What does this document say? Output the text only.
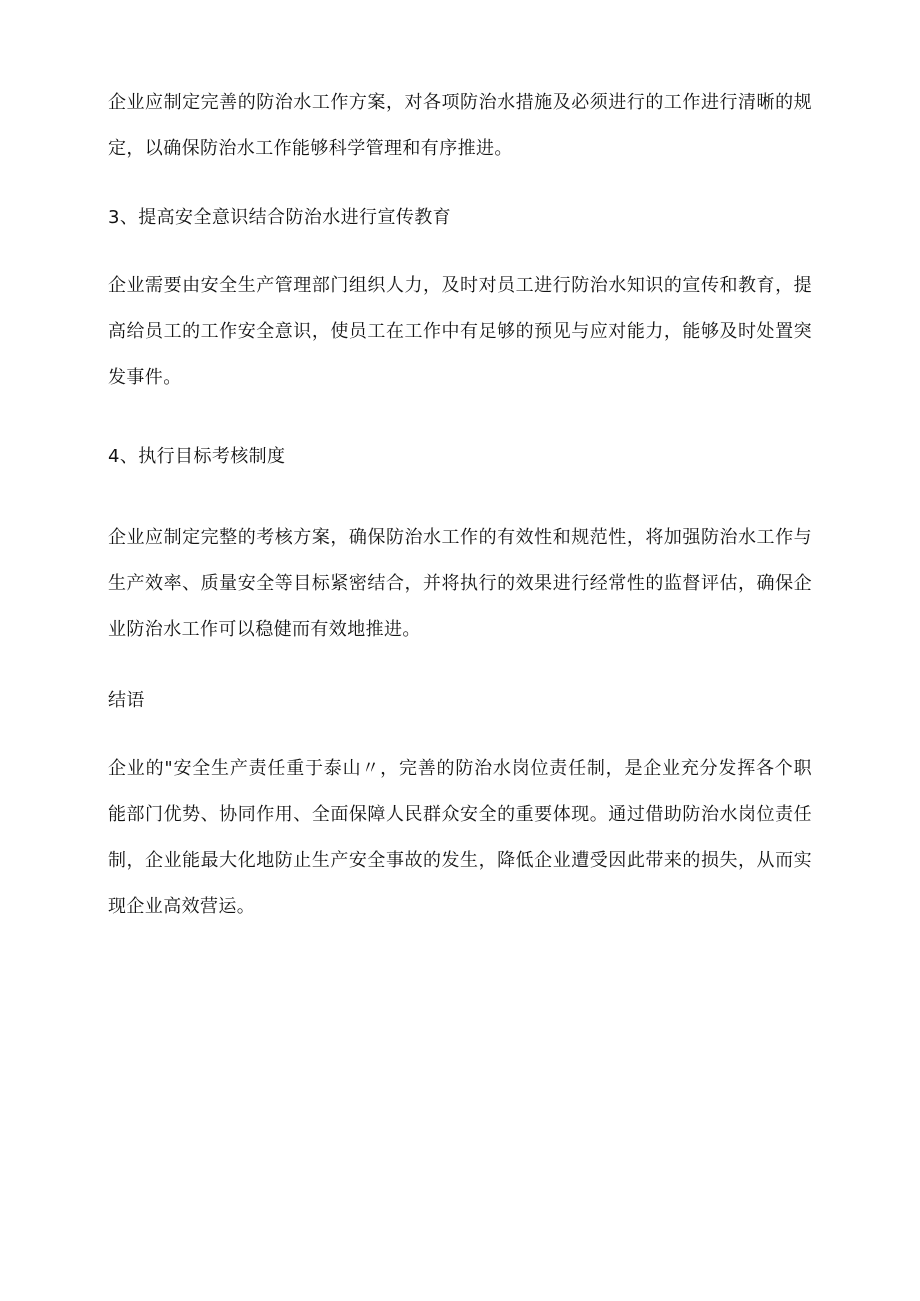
企业应制定完善的防治水工作方案，对各项防治水措施及必须进行的工作进行清晰的规定，以确保防治水工作能够科学管理和有序推进。

3、提高安全意识结合防治水进行宣传教育

企业需要由安全生产管理部门组织人力，及时对员工进行防治水知识的宣传和教育，提高给员工的工作安全意识，使员工在工作中有足够的预见与应对能力，能够及时处置突发事件。

4、执行目标考核制度

企业应制定完整的考核方案，确保防治水工作的有效性和规范性，将加强防治水工作与生产效率、质量安全等目标紧密结合，并将执行的效果进行经常性的监督评估，确保企业防治水工作可以稳健而有效地推进。

结语

企业的"安全生产责任重于泰山〃，完善的防治水岗位责任制，是企业充分发挥各个职能部门优势、协同作用、全面保障人民群众安全的重要体现。通过借助防治水岗位责任制，企业能最大化地防止生产安全事故的发生，降低企业遭受因此带来的损失，从而实现企业高效营运。
